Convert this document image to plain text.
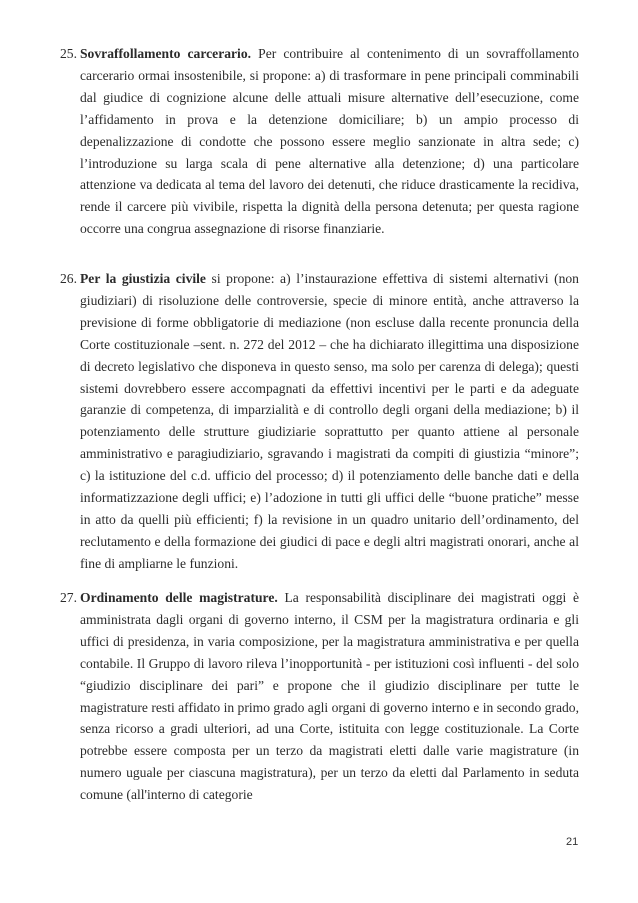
25. Sovraffollamento carcerario. Per contribuire al contenimento di un sovraffollamento carcerario ormai insostenibile, si propone: a) di trasformare in pene principali comminabili dal giudice di cognizione alcune delle attuali misure alternative dell’esecuzione, come l’affidamento in prova e la detenzione domiciliare; b) un ampio processo di depenalizzazione di condotte che possono essere meglio sanzionate in altra sede; c) l’introduzione su larga scala di pene alternative alla detenzione; d) una particolare attenzione va dedicata al tema del lavoro dei detenuti, che riduce drasticamente la recidiva, rende il carcere più vivibile, rispetta la dignità della persona detenuta; per questa ragione occorre una congrua assegnazione di risorse finanziarie.
26. Per la giustizia civile si propone: a) l’instaurazione effettiva di sistemi alternativi (non giudiziari) di risoluzione delle controversie, specie di minore entità, anche attraverso la previsione di forme obbligatorie di mediazione (non escluse dalla recente pronuncia della Corte costituzionale –sent. n. 272 del 2012 – che ha dichiarato illegittima una disposizione di decreto legislativo che disponeva in questo senso, ma solo per carenza di delega); questi sistemi dovrebbero essere accompagnati da effettivi incentivi per le parti e da adeguate garanzie di competenza, di imparzialità e di controllo degli organi della mediazione; b) il potenziamento delle strutture giudiziarie soprattutto per quanto attiene al personale amministrativo e paragiudiziario, sgravando i magistrati da compiti di giustizia “minore”; c) la istituzione del c.d. ufficio del processo; d) il potenziamento delle banche dati e della informatizzazione degli uffici; e) l’adozione in tutti gli uffici delle “buone pratiche” messe in atto da quelli più efficienti; f) la revisione in un quadro unitario dell’ordinamento, del reclutamento e della formazione dei giudici di pace e degli altri magistrati onorari, anche al fine di ampliarne le funzioni.
27. Ordinamento delle magistrature. La responsabilità disciplinare dei magistrati oggi è amministrata dagli organi di governo interno, il CSM per la magistratura ordinaria e gli uffici di presidenza, in varia composizione, per la magistratura amministrativa e per quella contabile. Il Gruppo di lavoro rileva l’inopportunità - per istituzioni così influenti - del solo “giudizio disciplinare dei pari” e propone che il giudizio disciplinare per tutte le magistrature resti affidato in primo grado agli organi di governo interno e in secondo grado, senza ricorso a gradi ulteriori, ad una Corte, istituita con legge costituzionale. La Corte potrebbe essere composta per un terzo da magistrati eletti dalle varie magistrature (in numero uguale per ciascuna magistratura), per un terzo da eletti dal Parlamento in seduta comune (all'interno di categorie
21
